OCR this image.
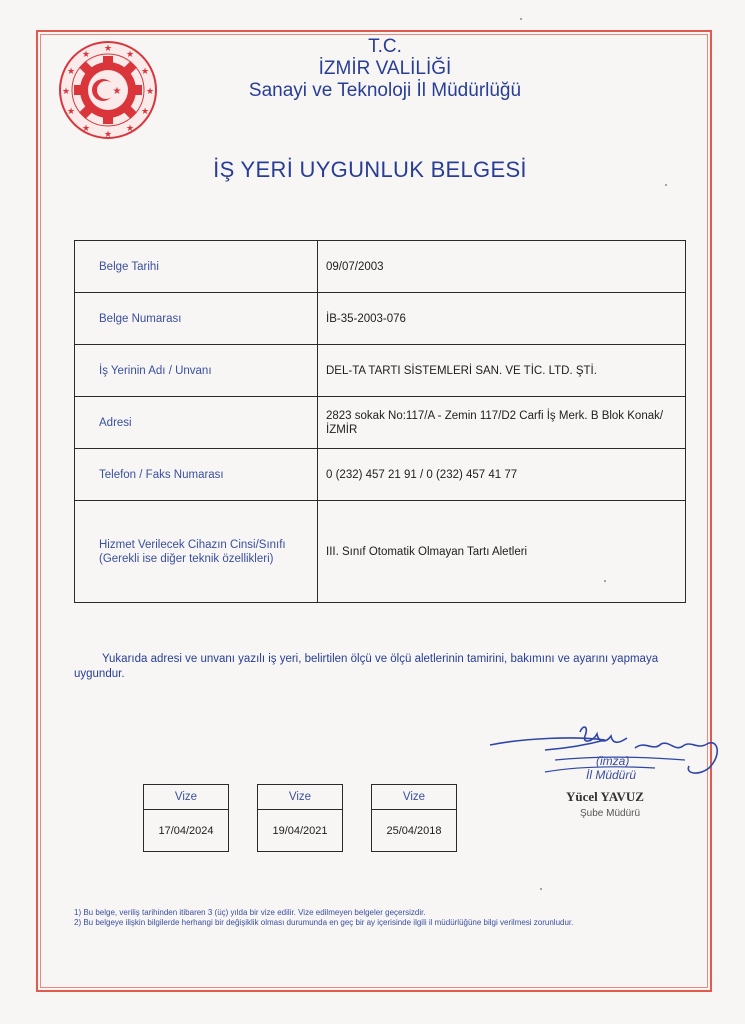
★
★	★
★	★
★	★
★	★
★	★
★
★
T.C.
İZMİR VALİLİĞİ
Sanayi ve Teknoloji İl Müdürlüğü
İŞ YERİ UYGUNLUK BELGESİ
Belge Tarihi	09/07/2003
Belge Numarası	İB-35-2003-076
İş Yerinin Adı / Unvanı	DEL-TA TARTI SİSTEMLERİ SAN. VE TİC. LTD. ŞTİ.
Adresi	2823 sokak No:117/A - Zemin 117/D2 Carfi İş Merk. B Blok Konak/İZMİR
Telefon / Faks Numarası	0 (232) 457 21 91 / 0 (232) 457 41 77
Hizmet Verilecek Cihazın Cinsi/Sınıfı (Gerekli ise diğer teknik özellikleri)	III. Sınıf Otomatik Olmayan Tartı Aletleri
Yukarıda adresi ve unvanı yazılı iş yeri, belirtilen ölçü ve ölçü aletlerinin tamirini, bakımını ve ayarını yapmaya uygundur.
(imza)
İl Müdürü
Yücel YAVUZ
Şube Müdürü
Vize
17/04/2024
Vize
19/04/2021
Vize
25/04/2018

1) Bu belge, veriliş tarihinden itibaren 3 (üç) yılda bir vize edilir. Vize edilmeyen belgeler geçersizdir.

2) Bu belgeye ilişkin bilgilerde herhangi bir değişiklik olması durumunda en geç bir ay içerisinde ilgili il müdürlüğüne bilgi verilmesi zorunludur.
